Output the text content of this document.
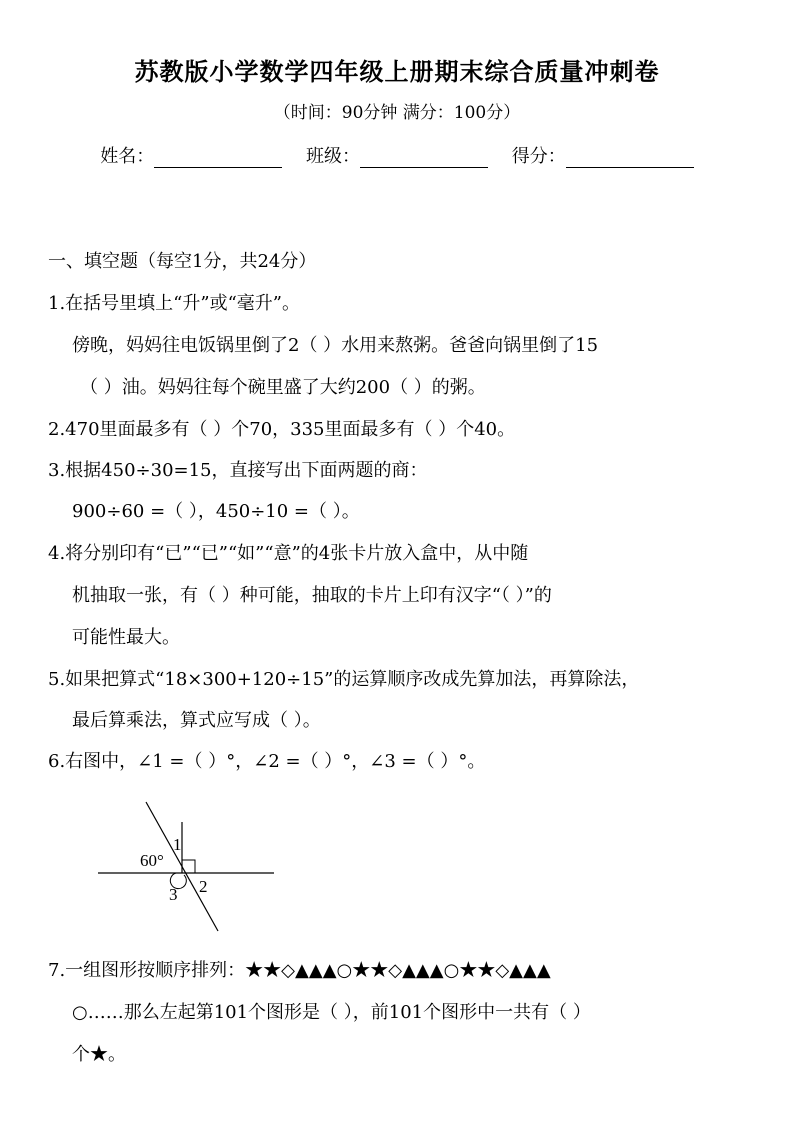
苏教版小学数学四年级上册期末综合质量冲刺卷
（时间：90分钟 满分：100分）
姓名：	班级：	得分：
一、填空题（每空1分，共24分）
1.在括号里填上“升”或“毫升”。
傍晚，妈妈往电饭锅里倒了2（ ）水用来熬粥。爸爸向锅里倒了15
（ ）油。妈妈往每个碗里盛了大约200（ ）的粥。
2.470里面最多有（ ）个70，335里面最多有（ ）个40。
3.根据450÷30=15，直接写出下面两题的商：
900÷60 =（ ），450÷10 =（ ）。
4.将分别印有“已”“已”“如”“意”的4张卡片放入盒中，从中随
机抽取一张，有（ ）种可能，抽取的卡片上印有汉字“（ ）”的
可能性最大。
5.如果把算式“18×300+120÷15”的运算顺序改成先算加法，再算除法，
最后算乘法，算式应写成（ ）。
6.右图中，∠1 =（ ）°，∠2 =（ ）°，∠3 =（ ）°。
1
60°
2
3
7.一组图形按顺序排列：★★◇▲▲▲○★★◇▲▲▲○★★◇▲▲▲
○……那么左起第101个图形是（ ），前101个图形中一共有（ ）
个★。
